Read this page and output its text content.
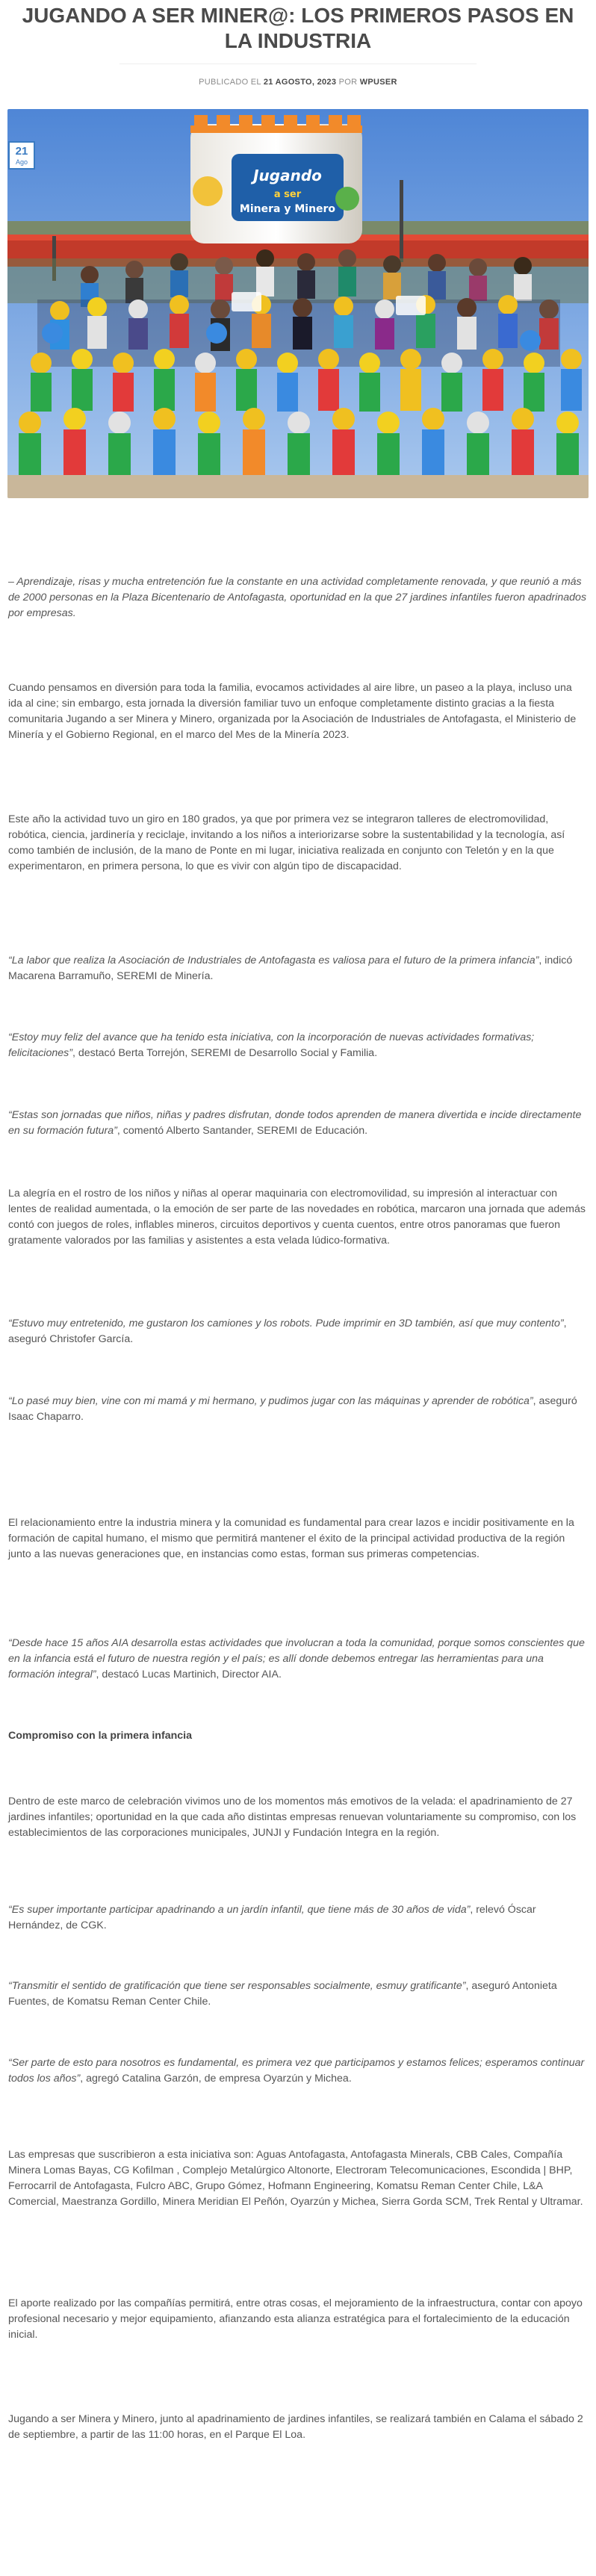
JUGANDO A SER MINER@: LOS PRIMEROS PASOS EN LA INDUSTRIA
PUBLICADO EL 21 AGOSTO, 2023 POR WPUSER
Jugando
a ser
Minera y Minero
21
Ago

– Aprendizaje, risas y mucha entretención fue la constante en una actividad completamente renovada, y que reunió a más de 2000 personas en la Plaza Bicentenario de Antofagasta, oportunidad en la que 27 jardines infantiles fueron apadrinados por empresas.

Cuando pensamos en diversión para toda la familia, evocamos actividades al aire libre, un paseo a la playa, incluso una ida al cine; sin embargo, esta jornada la diversión familiar tuvo un enfoque completamente distinto gracias a la fiesta comunitaria Jugando a ser Minera y Minero, organizada por la Asociación de Industriales de Antofagasta, el Ministerio de Minería y el Gobierno Regional, en el marco del Mes de la Minería 2023.

Este año la actividad tuvo un giro en 180 grados, ya que por primera vez se integraron talleres de electromovilidad, robótica, ciencia, jardinería y reciclaje, invitando a los niños a interiorizarse sobre la sustentabilidad y la tecnología, así como también de inclusión, de la mano de Ponte en mi lugar, iniciativa realizada en conjunto con Teletón y en la que experimentaron, en primera persona, lo que es vivir con algún tipo de discapacidad.

“La labor que realiza la Asociación de Industriales de Antofagasta es valiosa para el futuro de la primera infancia”, indicó Macarena Barramuño, SEREMI de Minería.

“Estoy muy feliz del avance que ha tenido esta iniciativa, con la incorporación de nuevas actividades formativas; felicitaciones”, destacó Berta Torrejón, SEREMI de Desarrollo Social y Familia.

“Estas son jornadas que niños, niñas y padres disfrutan, donde todos aprenden de manera divertida e incide directamente en su formación futura”, comentó Alberto Santander, SEREMI de Educación.

La alegría en el rostro de los niños y niñas al operar maquinaria con electromovilidad, su impresión al interactuar con lentes de realidad aumentada, o la emoción de ser parte de las novedades en robótica, marcaron una jornada que además contó con juegos de roles, inflables mineros, circuitos deportivos y cuenta cuentos, entre otros panoramas que fueron gratamente valorados por las familias y asistentes a esta velada lúdico-formativa.

“Estuvo muy entretenido, me gustaron los camiones y los robots. Pude imprimir en 3D también, así que muy contento”, aseguró Christofer García.

“Lo pasé muy bien, vine con mi mamá y mi hermano, y pudimos jugar con las máquinas y aprender de robótica”, aseguró Isaac Chaparro.

El relacionamiento entre la industria minera y la comunidad es fundamental para crear lazos e incidir positivamente en la formación de capital humano, el mismo que permitirá mantener el éxito de la principal actividad productiva de la región junto a las nuevas generaciones que, en instancias como estas, forman sus primeras competencias.

“Desde hace 15 años AIA desarrolla estas actividades que involucran a toda la comunidad, porque somos conscientes que en la infancia está el futuro de nuestra región y el país; es allí donde debemos entregar las herramientas para una formación integral”, destacó Lucas Martinich, Director AIA.

Compromiso con la primera infancia

Dentro de este marco de celebración vivimos uno de los momentos más emotivos de la velada: el apadrinamiento de 27 jardines infantiles; oportunidad en la que cada año distintas empresas renuevan voluntariamente su compromiso, con los establecimientos de las corporaciones municipales, JUNJI y Fundación Integra en la región.

“Es super importante participar apadrinando a un jardín infantil, que tiene más de 30 años de vida”, relevó Óscar Hernández, de CGK.

“Transmitir el sentido de gratificación que tiene ser responsables socialmente, esmuy gratificante”, aseguró Antonieta Fuentes, de Komatsu Reman Center Chile.

“Ser parte de esto para nosotros es fundamental, es primera vez que participamos y estamos felices; esperamos continuar todos los años”, agregó Catalina Garzón, de empresa Oyarzún y Michea.

Las empresas que suscribieron a esta iniciativa son: Aguas Antofagasta, Antofagasta Minerals, CBB Cales, Compañía Minera Lomas Bayas, CG Kofilman , Complejo Metalúrgico Altonorte, Electroram Telecomunicaciones, Escondida | BHP, Ferrocarril de Antofagasta, Fulcro ABC, Grupo Gómez, Hofmann Engineering, Komatsu Reman Center Chile, L&A Comercial, Maestranza Gordillo, Minera Meridian El Peñón, Oyarzún y Michea, Sierra Gorda SCM, Trek Rental y Ultramar.

El aporte realizado por las compañías permitirá, entre otras cosas, el mejoramiento de la infraestructura, contar con apoyo profesional necesario y mejor equipamiento, afianzando esta alianza estratégica para el fortalecimiento de la educación inicial.

Jugando a ser Minera y Minero, junto al apadrinamiento de jardines infantiles, se realizará también en Calama el sábado 2 de septiembre, a partir de las 11:00 horas, en el Parque El Loa.
